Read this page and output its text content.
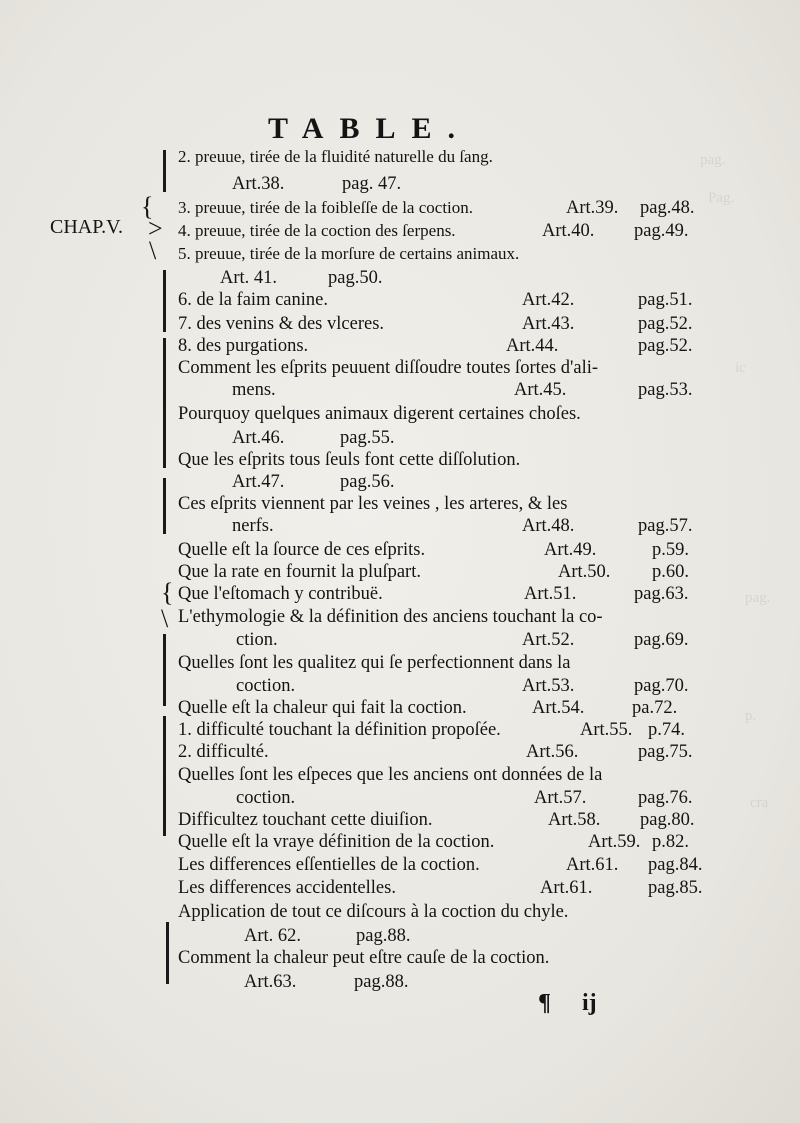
pag.
Pag.
ic
pag.
p.
cra
TABLE.
CHAP.V.
{
>
\
{
\
2. preuue, tirée de la fluidité naturelle du ſang.
Art.38.	pag. 47.
3. preuue, tirée de la foibleſſe de la coction.	Art.39. pag.48.
4. preuue, tirée de la coction des ſerpens.	Art.40. pag.49.
5. preuue, tirée de la morſure de certains animaux.
Art. 41.	pag.50.
6. de la faim canine.	Art.42.	pag.51.
7. des venins & des vlceres.	Art.43.	pag.52.
8. des purgations.	Art.44.	pag.52.
Comment les eſprits peuuent diſſoudre toutes ſortes d'ali-
mens.	Art.45.	pag.53.
Pourquoy quelques animaux digerent certaines choſes.
Art.46.	pag.55.
Que les eſprits tous ſeuls font cette diſſolution.
Art.47.	pag.56.
Ces eſprits viennent par les veines , les arteres, & les
nerfs.	Art.48.	pag.57.
Quelle eſt la ſource de ces eſprits.	Art.49.	p.59.
Que la rate en fournit la pluſpart.	Art.50. p.60.
Que l'eſtomach y contribuë.	Art.51.	pag.63.
L'ethymologie & la définition des anciens touchant la co-
ction.	Art.52.	pag.69.
Quelles ſont les qualitez qui ſe perfectionnent dans la
coction.	Art.53.	pag.70.
Quelle eſt la chaleur qui fait la coction.	Art.54.	pa.72.
1. difficulté touchant la définition propoſée.	Art.55. p.74.
2. difficulté.	Art.56.	pag.75.
Quelles ſont les eſpeces que les anciens ont données de la
coction.	Art.57.	pag.76.
Difficultez touchant cette diuiſion.	Art.58. pag.80.
Quelle eſt la vraye définition de la coction.	Art.59. p.82.
Les differences eſſentielles de la coction.	Art.61. pag.84.
Les differences accidentelles.	Art.61.	pag.85.
Application de tout ce diſcours à la coction du chyle.
Art. 62.	pag.88.
Comment la chaleur peut eſtre cauſe de la coction.
Art.63.	pag.88.
¶ ij
